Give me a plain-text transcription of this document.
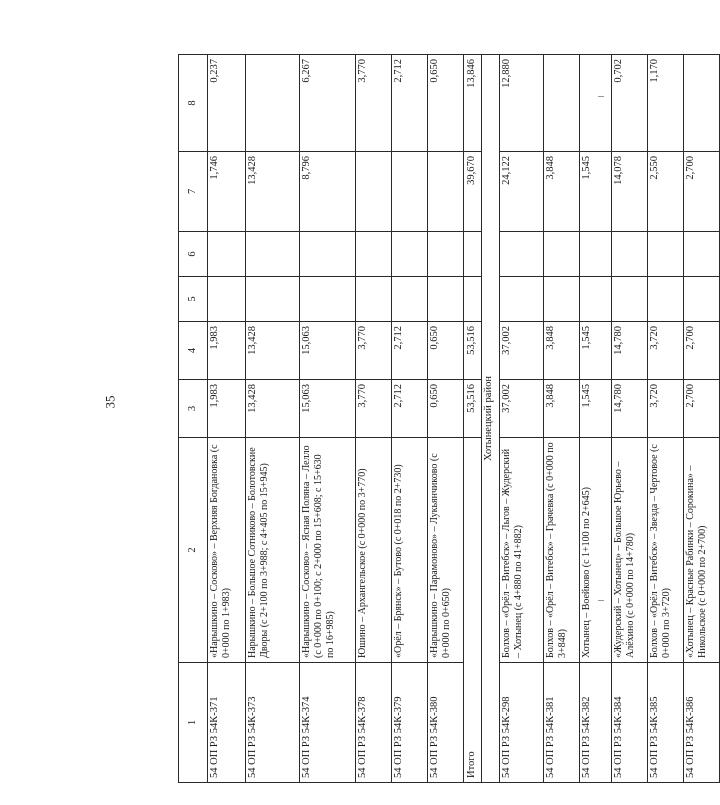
35
1	2	3	4	5	6	7	8
54 ОП РЗ 54К-371	«Нарышкино – Сосково» – Верхняя Богдановка (с 0+000 по 1+983)	1,983	1,983			1,746	0,237
54 ОП РЗ 54К-373	Нарышкино – Большое Сотниково – Болотовские Дворы (с 2+100 по 3+988; с 4+405 по 15+945)	13,428	13,428			13,428	
54 ОП РЗ 54К-374	«Нарышкино – Сосково» – Ясная Поляна – Лелло (с 0+000 по 0+100; с 2+000 по 15+608; с 15+630 по 16+985)	15,063	15,063			8,796	6,267
54 ОП РЗ 54К-378	Юшино – Архангельское (с 0+000 по 3+770)	3,770	3,770				3,770
54 ОП РЗ 54К-379	«Орёл – Брянск» – Бутово (с 0+018 по 2+730)	2,712	2,712				2,712
54 ОП РЗ 54К-380	«Нарышкино – Парамоново» – Лукьянчиково (с 0+000 по 0+650)	0,650	0,650				0,650
Итого		53,516	53,516			39,670	13,846
Хотынецкий район							
54 ОП РЗ 54К-298	Болхов – «Орёл – Витебск» – Льгов – Жудерский – Хотынец (с 4+880 по 41+882)	37,002	37,002			24,122	12,880
54 ОП РЗ 54К-381	Болхов – «Орёл – Витебск» – Грачевка (с 0+000 по 3+848)	3,848	3,848			3,848	
54 ОП РЗ 54К-382	Хотынец – Воейково (с 1+100 по 2+645)	1,545	1,545			1,545	
54 ОП РЗ 54К-384	«Жудерский – Хотынец» – Большое Юрьево – Алёхино (с 0+000 по 14+780)	14,780	14,780			14,078	0,702
54 ОП РЗ 54К-385	Болхов – «Орёл – Витебск» – Звезда – Чертовое (с 0+000 по 3+720)	3,720	3,720			2,550	1,170
54 ОП РЗ 54К-386	«Хотынец – Красные Рабинки – Сорокина» – Никольское (с 0+000 по 2+700)	2,700	2,700			2,700	
